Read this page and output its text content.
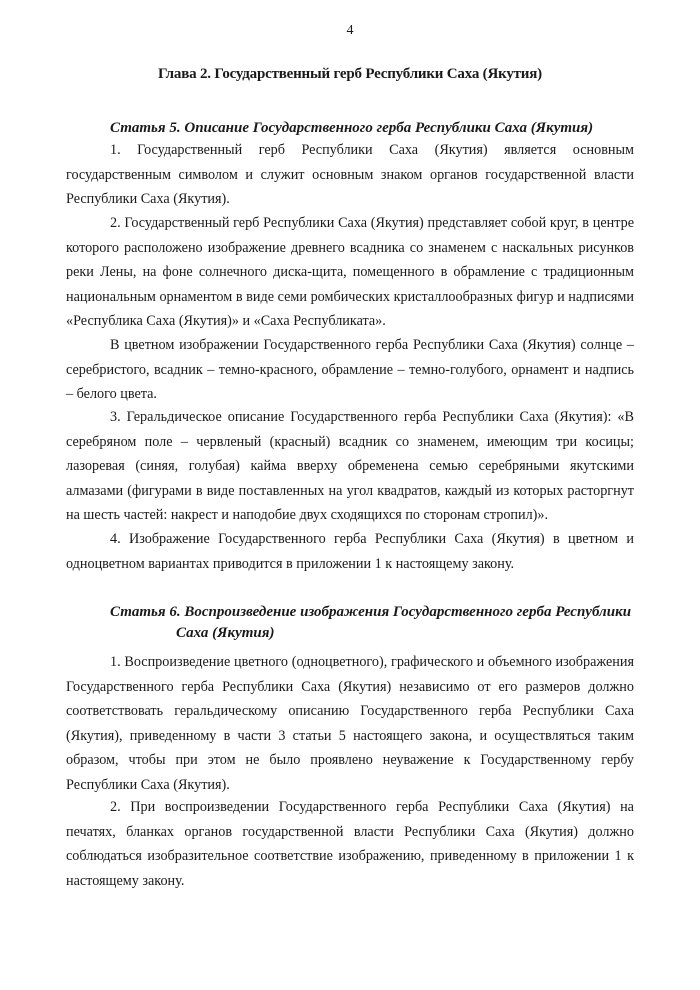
4
Глава 2. Государственный герб Республики Саха (Якутия)
Статья 5. Описание Государственного герба Республики Саха (Якутия)

1. Государственный герб Республики Саха (Якутия) является основным государственным символом и служит основным знаком органов государственной власти Республики Саха (Якутия).

2. Государственный герб Республики Саха (Якутия) представляет собой круг, в центре которого расположено изображение древнего всадника со знаменем с наскальных рисунков реки Лены, на фоне солнечного диска-щита, помещенного в обрамление с традиционным национальным орнаментом в виде семи ромбических кристаллообразных фигур и надписями «Республика Саха (Якутия)» и «Саха Республиката».

В цветном изображении Государственного герба Республики Саха (Якутия) солнце – серебристого, всадник – темно-красного, обрамление – темно-голубого, орнамент и надпись – белого цвета.

3. Геральдическое описание Государственного герба Республики Саха (Якутия): «В серебряном поле – червленый (красный) всадник со знаменем, имеющим три косицы; лазоревая (синяя, голубая) кайма вверху обременена семью серебряными якутскими алмазами (фигурами в виде поставленных на угол квадратов, каждый из которых расторгнут на шесть частей: накрест и наподобие двух сходящихся по сторонам стропил)».

4. Изображение Государственного герба Республики Саха (Якутия) в цветном и одноцветном вариантах приводится в приложении 1 к настоящему закону.

Статья 6. Воспроизведение изображения Государственного герба Республики
Саха (Якутия)

1. Воспроизведение цветного (одноцветного), графического и объемного изображения Государственного герба Республики Саха (Якутия) независимо от его размеров должно соответствовать геральдическому описанию Государственного герба Республики Саха (Якутия), приведенному в части 3 статьи 5 настоящего закона, и осуществляться таким образом, чтобы при этом не было проявлено неуважение к Государственному гербу Республики Саха (Якутия).

2. При воспроизведении Государственного герба Республики Саха (Якутия) на печатях, бланках органов государственной власти Республики Саха (Якутия) должно соблюдаться изобразительное соответствие изображению, приведенному в приложении 1 к настоящему закону.
